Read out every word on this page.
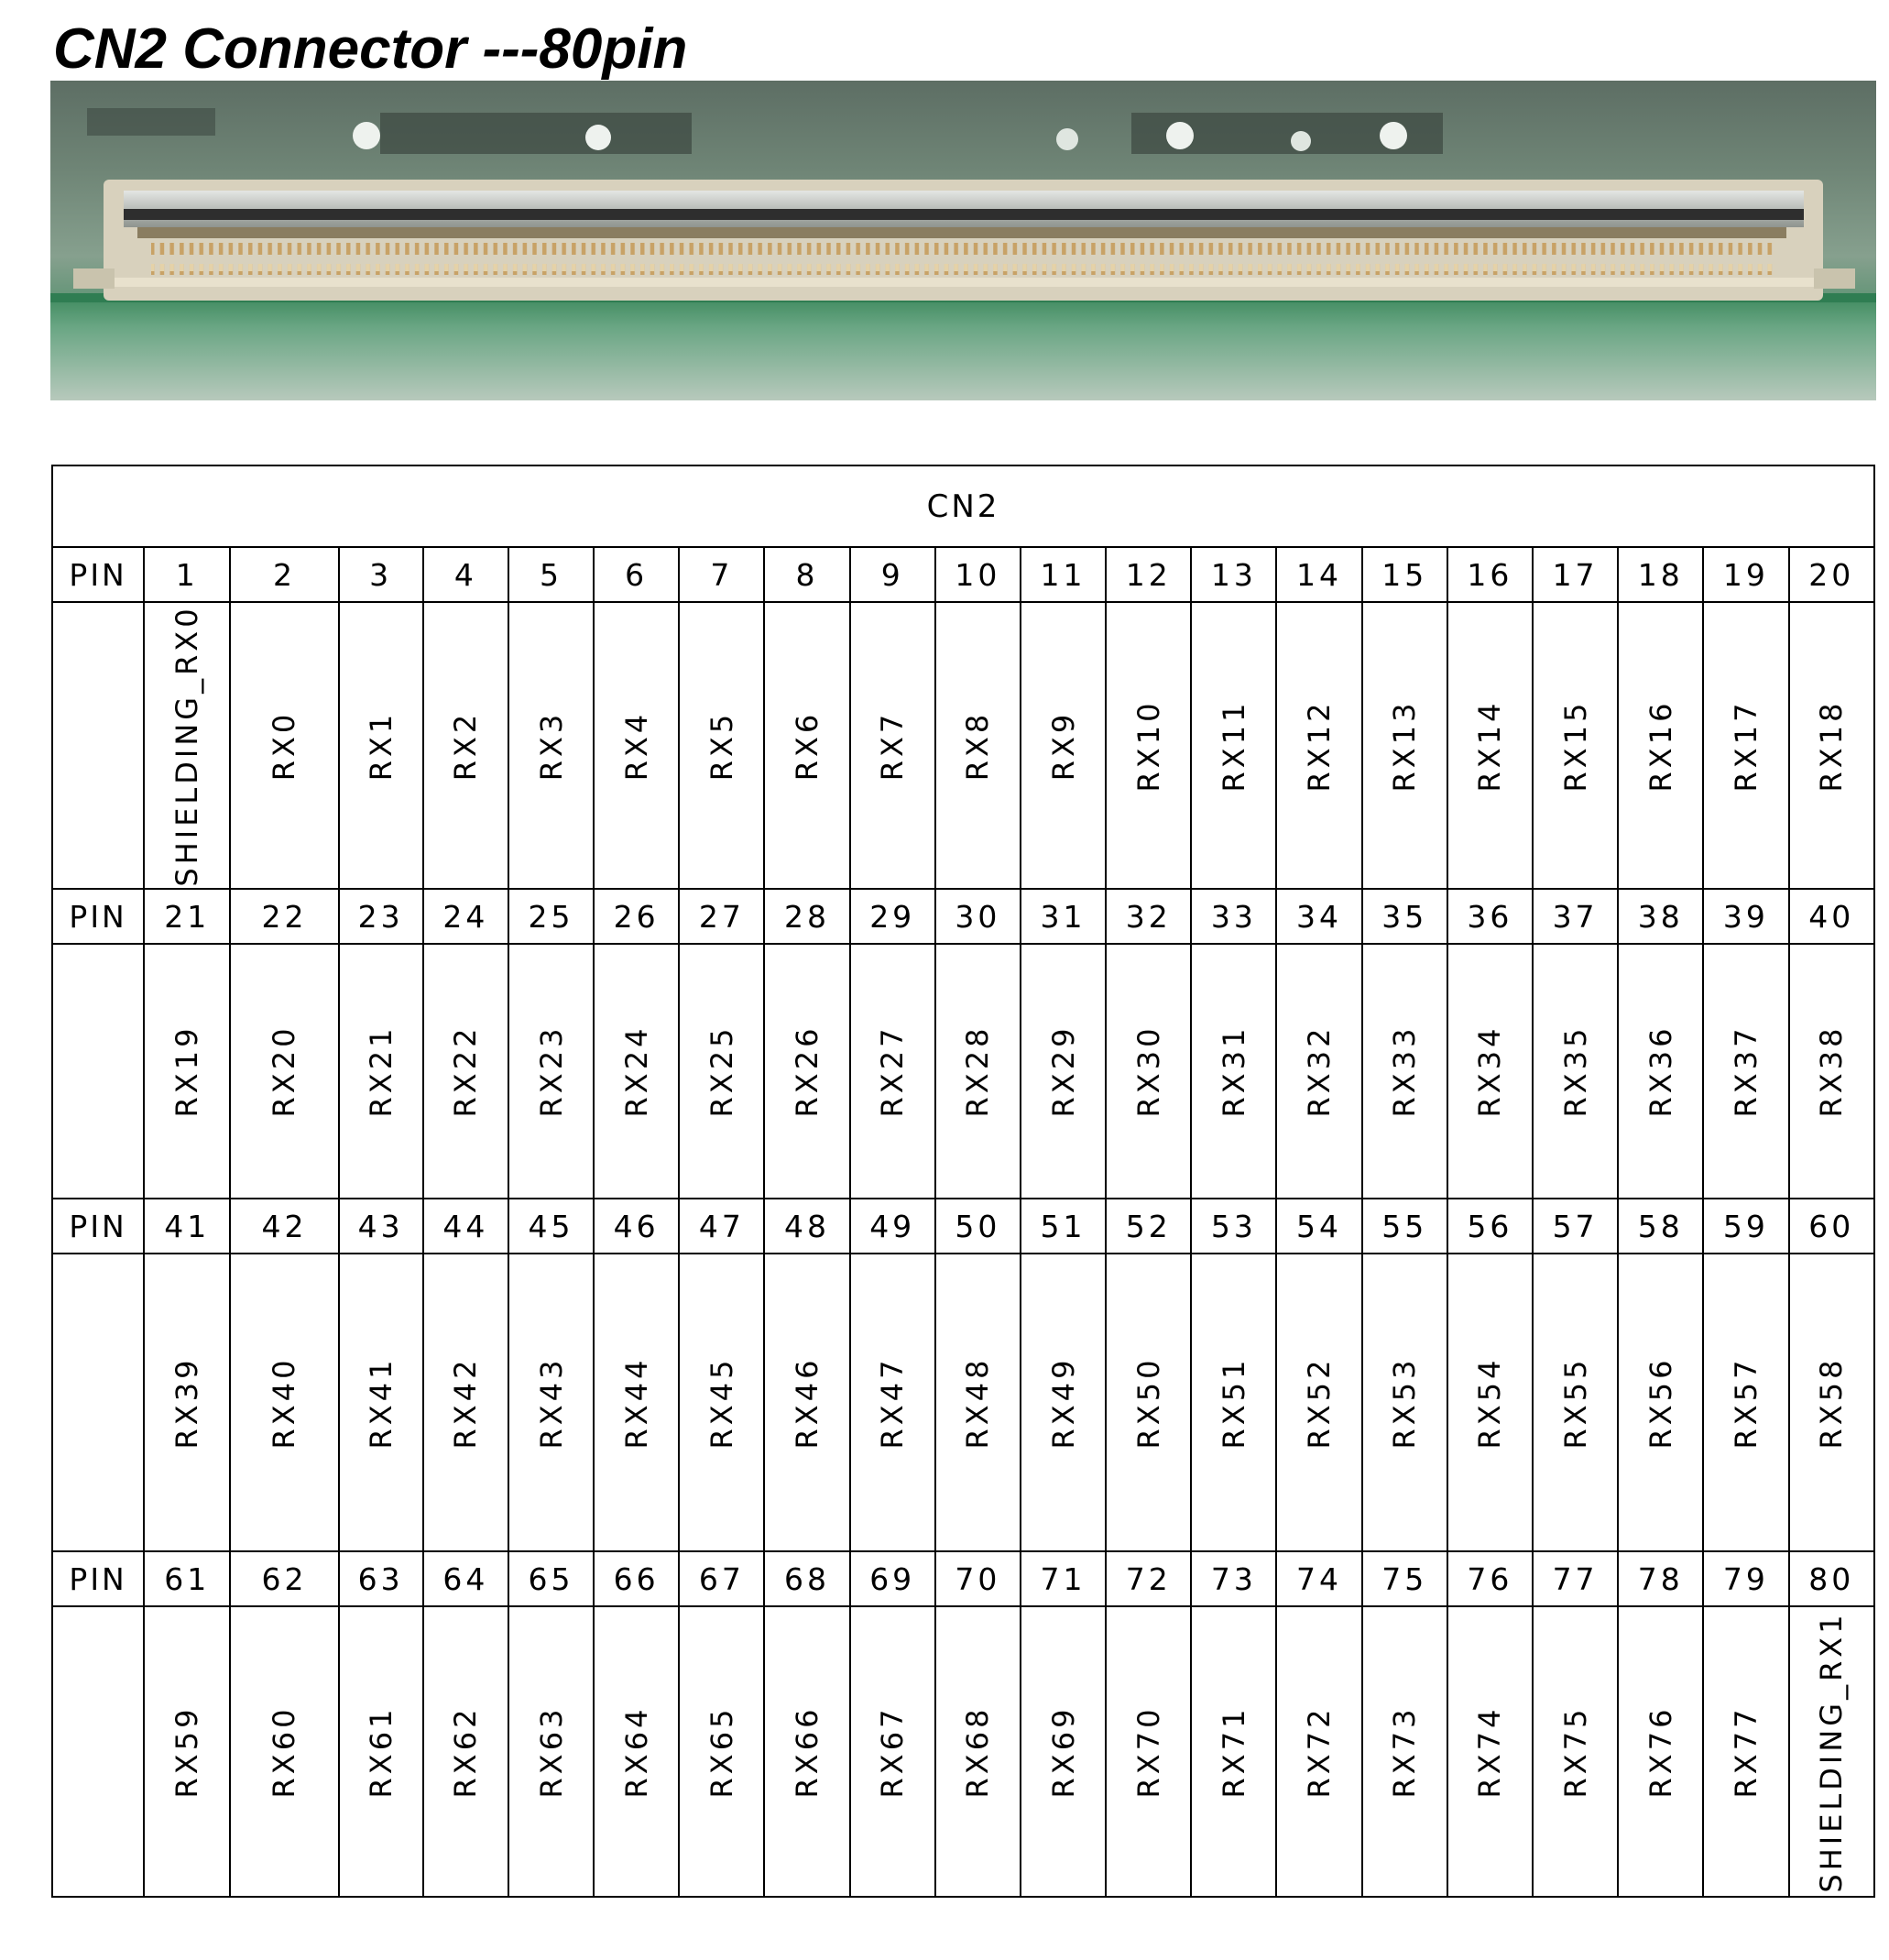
CN2 Connector ---80pin
CN2																				
PIN	1	2	3	4	5	6	7	8	9	10	11	12	13	14	15	16	17	18	19	20

	SHIELDING_RX0	RX0	RX1	RX2	RX3	RX4	RX5	RX6	RX7	RX8	RX9	RX10	RX11	RX12	RX13	RX14	RX15	RX16	RX17	RX18

PIN	21	22	23	24	25	26	27	28	29	30	31	32	33	34	35	36	37	38	39	40

	RX19	RX20	RX21	RX22	RX23	RX24	RX25	RX26	RX27	RX28	RX29	RX30	RX31	RX32	RX33	RX34	RX35	RX36	RX37	RX38

PIN	41	42	43	44	45	46	47	48	49	50	51	52	53	54	55	56	57	58	59	60

	RX39	RX40	RX41	RX42	RX43	RX44	RX45	RX46	RX47	RX48	RX49	RX50	RX51	RX52	RX53	RX54	RX55	RX56	RX57	RX58

PIN	61	62	63	64	65	66	67	68	69	70	71	72	73	74	75	76	77	78	79	80

	RX59	RX60	RX61	RX62	RX63	RX64	RX65	RX66	RX67	RX68	RX69	RX70	RX71	RX72	RX73	RX74	RX75	RX76	RX77	SHIELDING_RX1
